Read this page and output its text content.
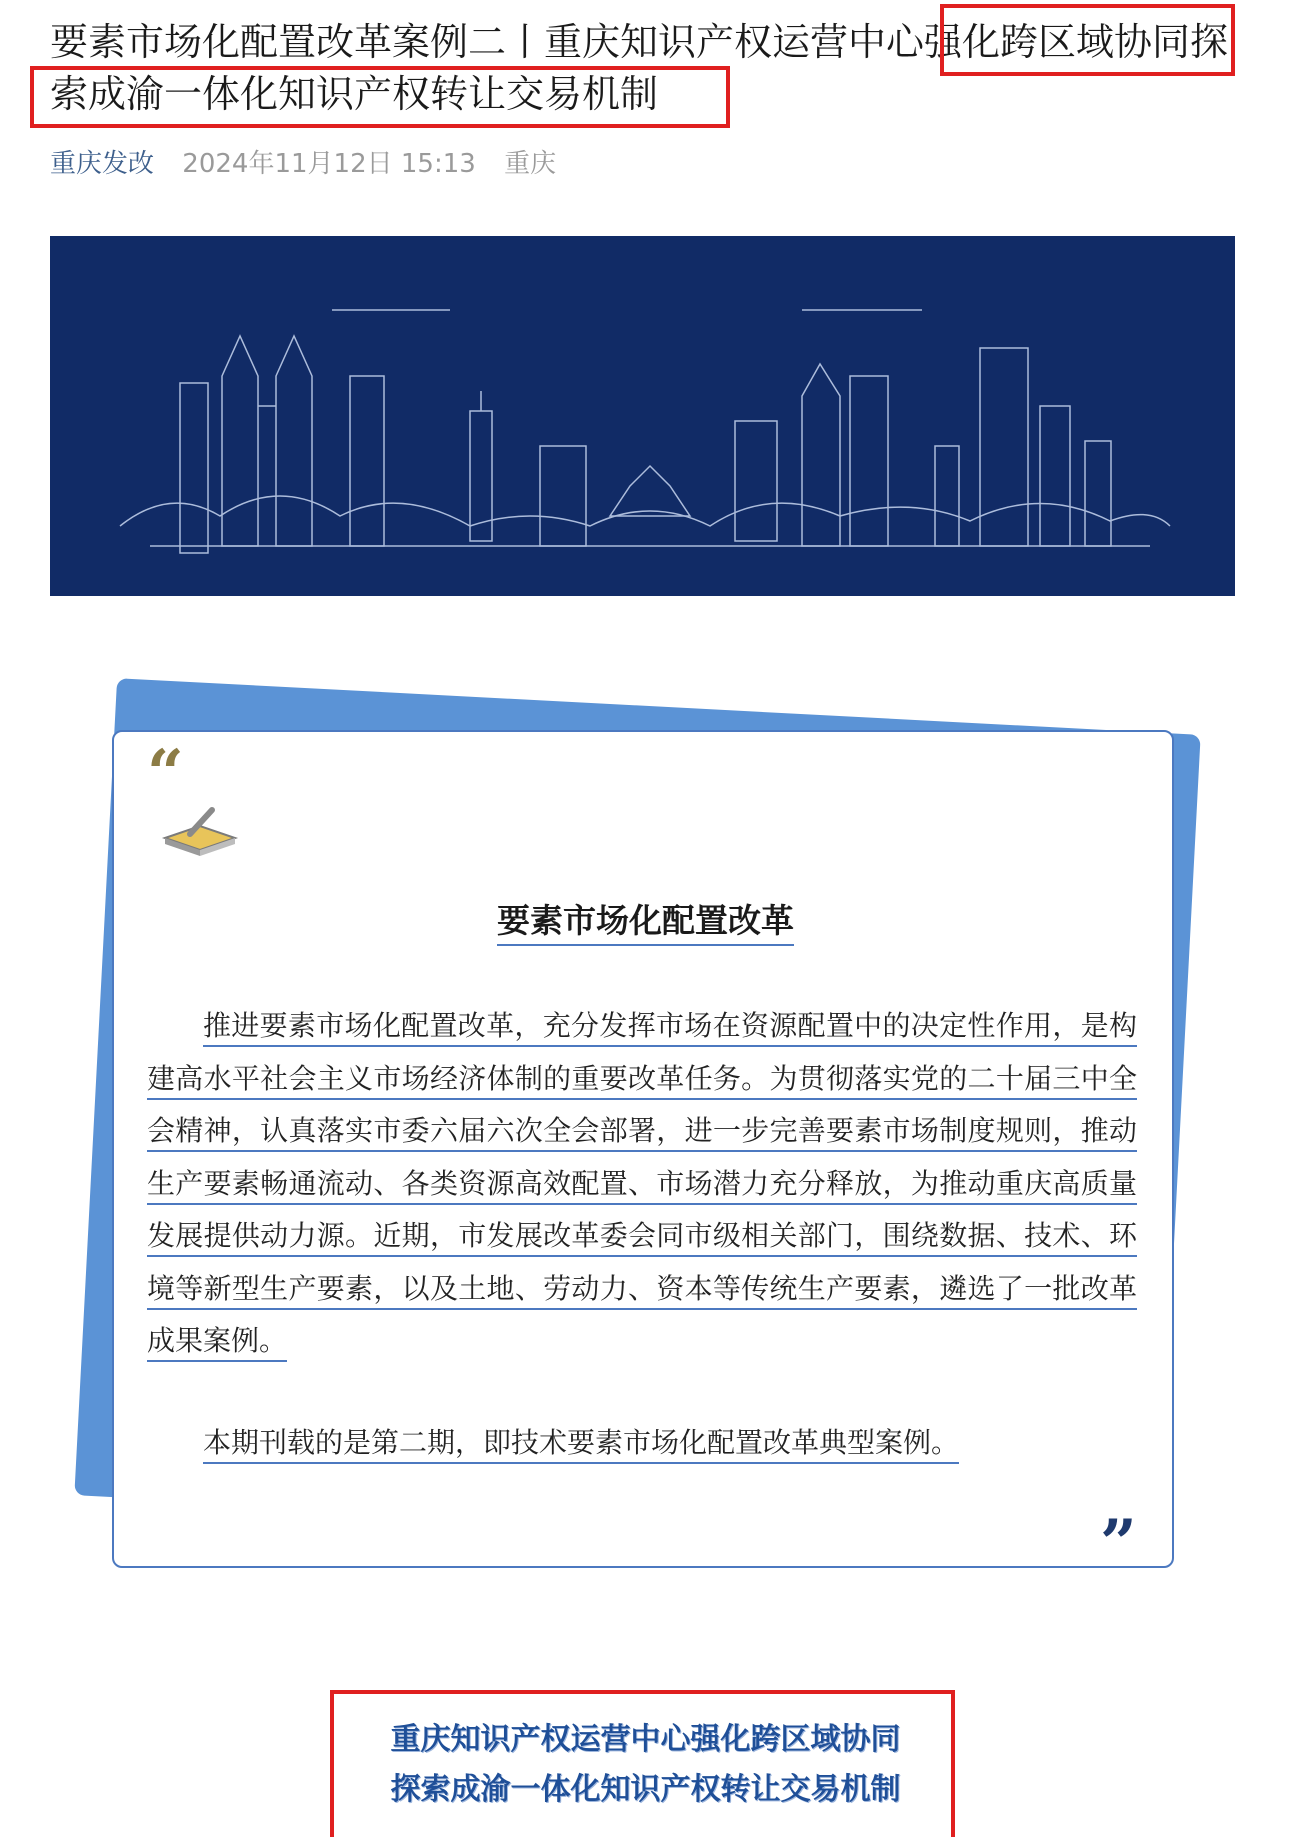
要素市场化配置改革案例二丨重庆知识产权运营中心强化跨区域协同探索成渝一体化知识产权转让交易机制
重庆发改 2024年11月12日 15:13 重庆
“
要素市场化配置改革

推进要素市场化配置改革，充分发挥市场在资源配置中的决定性作用，是构建高水平社会主义市场经济体制的重要改革任务。为贯彻落实党的二十届三中全会精神，认真落实市委六届六次全会部署，进一步完善要素市场制度规则，推动生产要素畅通流动、各类资源高效配置、市场潜力充分释放，为推动重庆高质量发展提供动力源。近期，市发展改革委会同市级相关部门，围绕数据、技术、环境等新型生产要素，以及土地、劳动力、资本等传统生产要素，遴选了一批改革成果案例。

本期刊载的是第二期，即技术要素市场化配置改革典型案例。

”
重庆知识产权运营中心强化跨区域协同
探索成渝一体化知识产权转让交易机制
